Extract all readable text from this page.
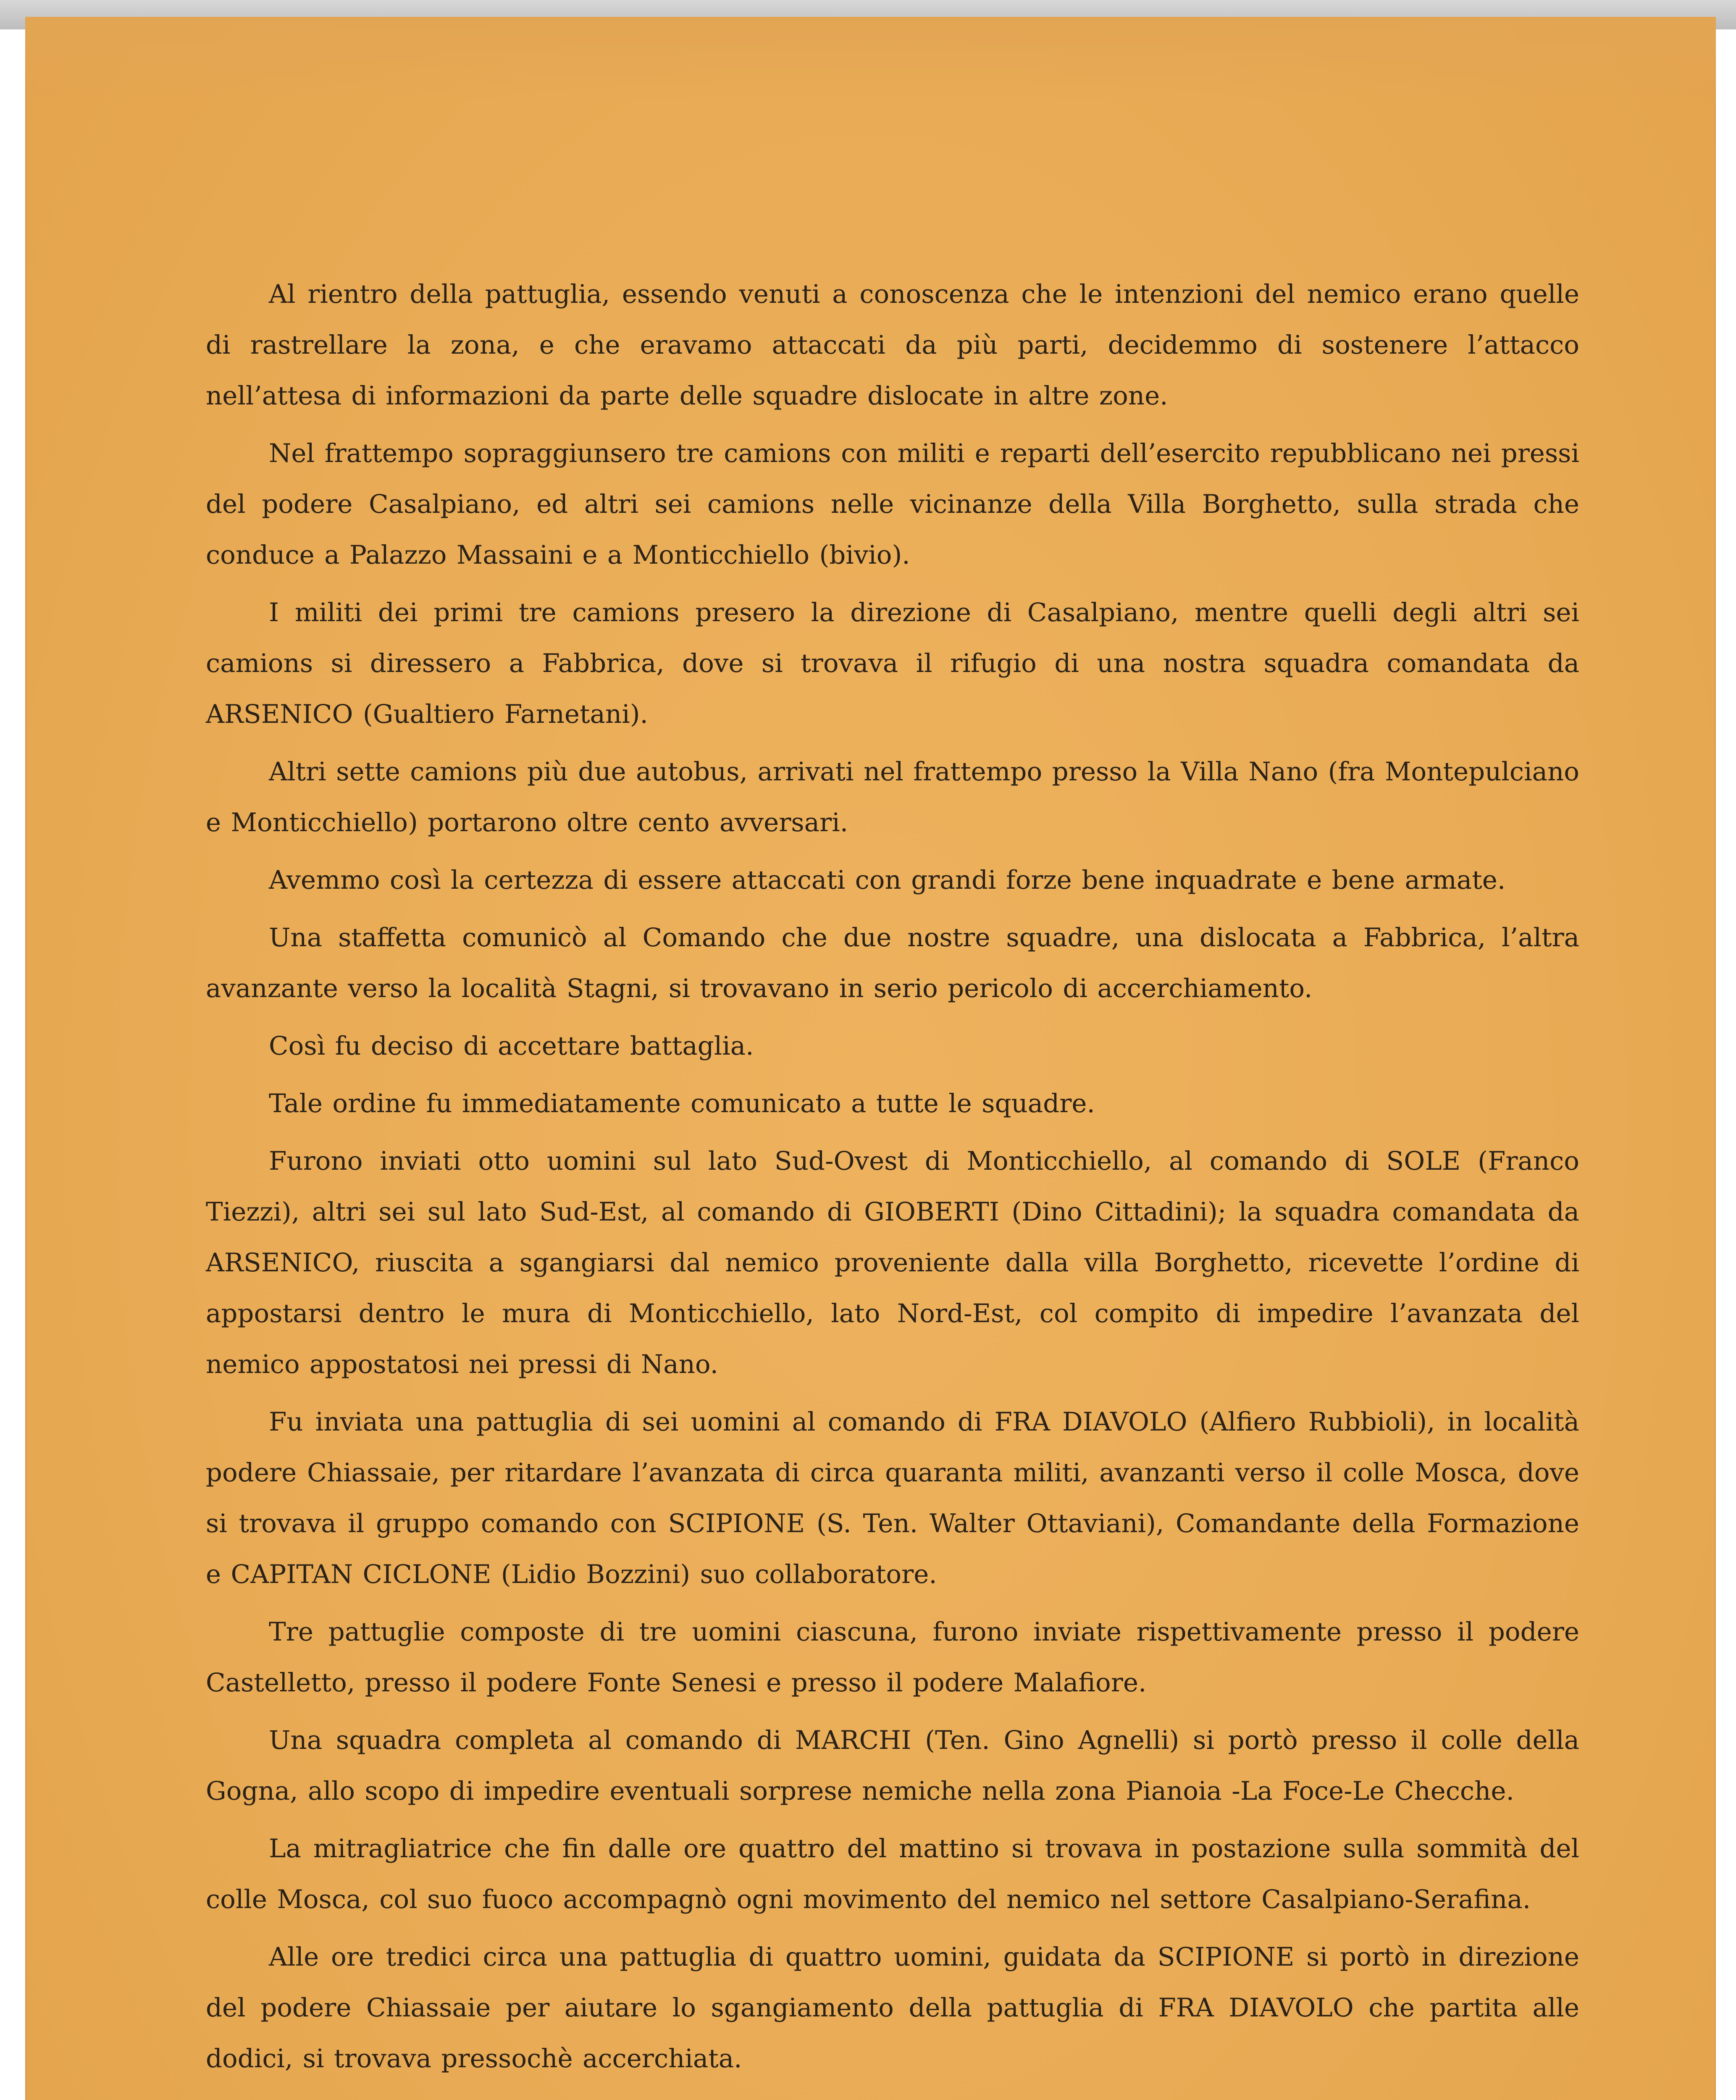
Al rientro della pattuglia, essendo venuti a conoscenza che le intenzioni del nemico erano quelle di rastrellare la zona, e che eravamo attaccati da più parti, decidemmo di sostenere l’attacco nell’attesa di informazioni da parte delle squadre dislocate in altre zone.

Nel frattempo sopraggiunsero tre camions con militi e reparti dell’esercito repubblicano nei pressi del podere Casalpiano, ed altri sei camions nelle vicinanze della Villa Borghetto, sulla strada che conduce a Palazzo Massaini e a Monticchiello (bivio).

I militi dei primi tre camions presero la direzione di Casalpiano, mentre quelli degli altri sei camions si diressero a Fabbrica, dove si trovava il rifugio di una nostra squadra comandata da ARSENICO (Gualtiero Farnetani).

Altri sette camions più due autobus, arrivati nel frattempo presso la Villa Nano (fra Montepulciano e Monticchiello) portarono oltre cento avversari.

Avemmo così la certezza di essere attaccati con grandi forze bene inquadrate e bene armate.

Una staffetta comunicò al Comando che due nostre squadre, una dislocata a Fabbrica, l’altra avanzante verso la località Stagni, si trovavano in serio pericolo di accerchiamento.

Così fu deciso di accettare battaglia.

Tale ordine fu immediatamente comunicato a tutte le squadre.

Furono inviati otto uomini sul lato Sud-Ovest di Monticchiello, al comando di SOLE (Franco Tiezzi), altri sei sul lato Sud-Est, al comando di GIOBERTI (Dino Cittadini); la squadra comandata da ARSENICO, riuscita a sgangiarsi dal nemico proveniente dalla villa Borghetto, ricevette l’ordine di appostarsi dentro le mura di Monticchiello, lato Nord-Est, col compito di impedire l’avanzata del nemico appostatosi nei pressi di Nano.

Fu inviata una pattuglia di sei uomini al comando di FRA DIAVOLO (Alfiero Rubbioli), in località podere Chiassaie, per ritardare l’avanzata di circa quaranta militi, avanzanti verso il colle Mosca, dove si trovava il gruppo comando con SCIPIONE (S. Ten. Walter Ottaviani), Comandante della Formazione e CAPITAN CICLONE (Lidio Bozzini) suo collaboratore.

Tre pattuglie composte di tre uomini ciascuna, furono inviate rispettivamente presso il podere Castelletto, presso il podere Fonte Senesi e presso il podere Malafiore.

Una squadra completa al comando di MARCHI (Ten. Gino Agnelli) si portò presso il colle della Gogna, allo scopo di impedire eventuali sorprese nemiche nella zona Pianoia -La Foce-Le Checche.

La mitragliatrice che fin dalle ore quattro del mattino si trovava in postazione sulla sommità del colle Mosca, col suo fuoco accompagnò ogni movimento del nemico nel settore Casalpiano-Serafina.

Alle ore tredici circa una pattuglia di quattro uomini, guidata da SCIPIONE si portò in direzione del podere Chiassaie per aiutare lo sgangiamento della pattuglia di FRA DIAVOLO che partita alle dodici, si trovava pressochè accerchiata.
